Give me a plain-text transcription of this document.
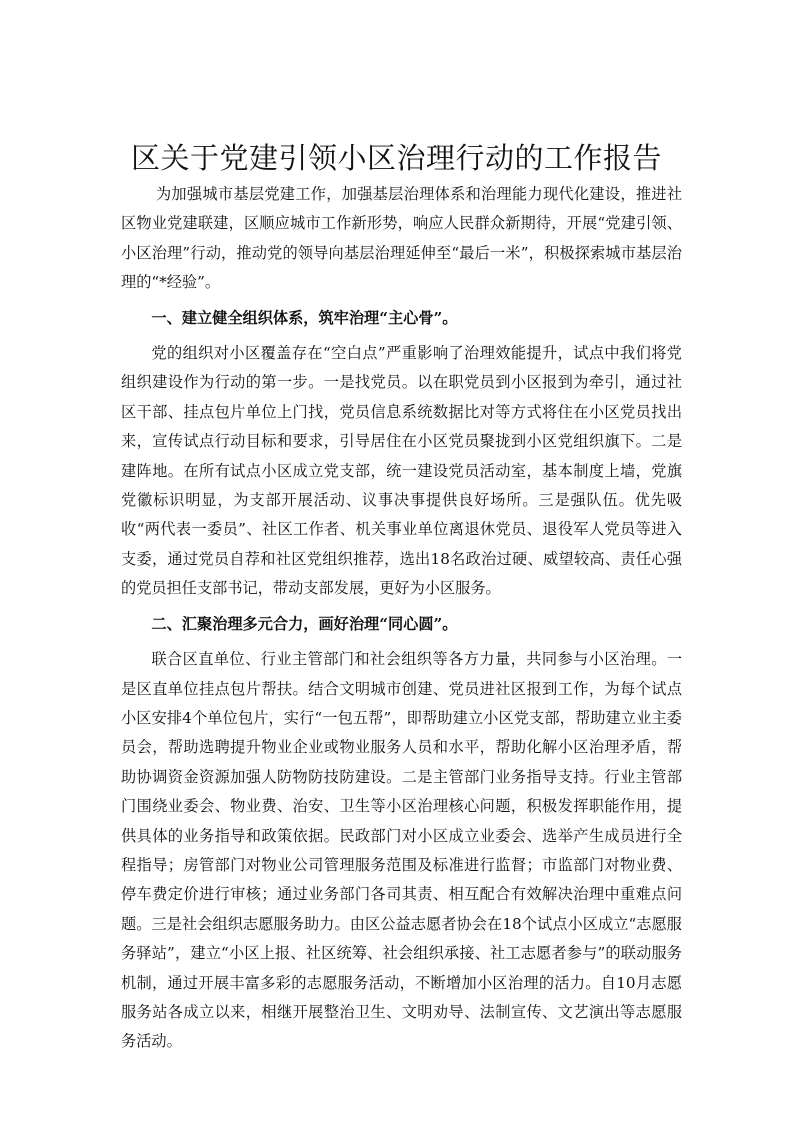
区关于党建引领小区治理行动的工作报告

为加强城市基层党建工作，加强基层治理体系和治理能力现代化建设，推进社区物业党建联建，区顺应城市工作新形势，响应人民群众新期待，开展“党建引领、小区治理”行动，推动党的领导向基层治理延伸至“最后一米”，积极探索城市基层治理的“*经验”。

一、建立健全组织体系，筑牢治理“主心骨”。

党的组织对小区覆盖存在“空白点”严重影响了治理效能提升，试点中我们将党组织建设作为行动的第一步。一是找党员。以在职党员到小区报到为牵引，通过社区干部、挂点包片单位上门找，党员信息系统数据比对等方式将住在小区党员找出来，宣传试点行动目标和要求，引导居住在小区党员聚拢到小区党组织旗下。二是建阵地。在所有试点小区成立党支部，统一建设党员活动室，基本制度上墙，党旗党徽标识明显，为支部开展活动、议事决事提供良好场所。三是强队伍。优先吸收“两代表一委员”、社区工作者、机关事业单位离退休党员、退役军人党员等进入支委，通过党员自荐和社区党组织推荐，选出18名政治过硬、威望较高、责任心强的党员担任支部书记，带动支部发展，更好为小区服务。

二、汇聚治理多元合力，画好治理“同心圆”。

联合区直单位、行业主管部门和社会组织等各方力量，共同参与小区治理。一是区直单位挂点包片帮扶。结合文明城市创建、党员进社区报到工作，为每个试点小区安排4个单位包片，实行“一包五帮”，即帮助建立小区党支部，帮助建立业主委员会，帮助选聘提升物业企业或物业服务人员和水平，帮助化解小区治理矛盾，帮助协调资金资源加强人防物防技防建设。二是主管部门业务指导支持。行业主管部门围绕业委会、物业费、治安、卫生等小区治理核心问题，积极发挥职能作用，提供具体的业务指导和政策依据。民政部门对小区成立业委会、选举产生成员进行全程指导；房管部门对物业公司管理服务范围及标准进行监督；市监部门对物业费、停车费定价进行审核；通过业务部门各司其责、相互配合有效解决治理中重难点问题。三是社会组织志愿服务助力。由区公益志愿者协会在18个试点小区成立“志愿服务驿站”，建立“小区上报、社区统筹、社会组织承接、社工志愿者参与”的联动服务机制，通过开展丰富多彩的志愿服务活动，不断增加小区治理的活力。自10月志愿服务站各成立以来，相继开展整治卫生、文明劝导、法制宣传、文艺演出等志愿服务活动。
